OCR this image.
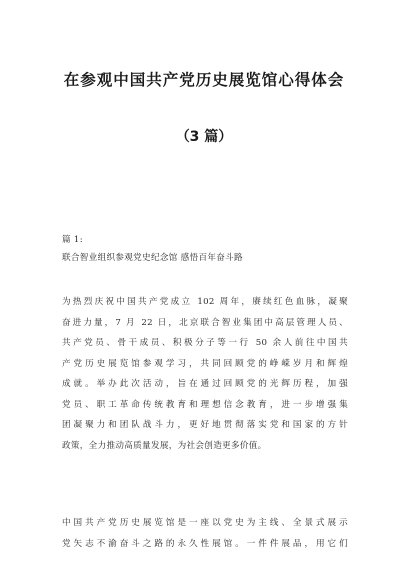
在参观中国共产党历史展览馆心得体会
（3 篇）
篇 1:
联合智业组织参观党史纪念馆 感悟百年奋斗路
为热烈庆祝中国共产党成立 102 周年，赓续红色血脉，凝聚
奋进力量，7 月 22 日，北京联合智业集团中高层管理人员、
共产党员、骨干成员、积极分子等一行 50 余人前往中国共
产党历史展览馆参观学习，共同回顾党的峥嵘岁月和辉煌
成就。举办此次活动，旨在通过回顾党的光辉历程，加强
党员、职工革命传统教育和理想信念教育，进一步增强集
团凝聚力和团队战斗力，更好地贯彻落实党和国家的方针
政策，全力推动高质量发展，为社会创造更多价值。
中国共产党历史展览馆是一座以党史为主线、全景式展示
党矢志不渝奋斗之路的永久性展馆。一件件展品，用它们
